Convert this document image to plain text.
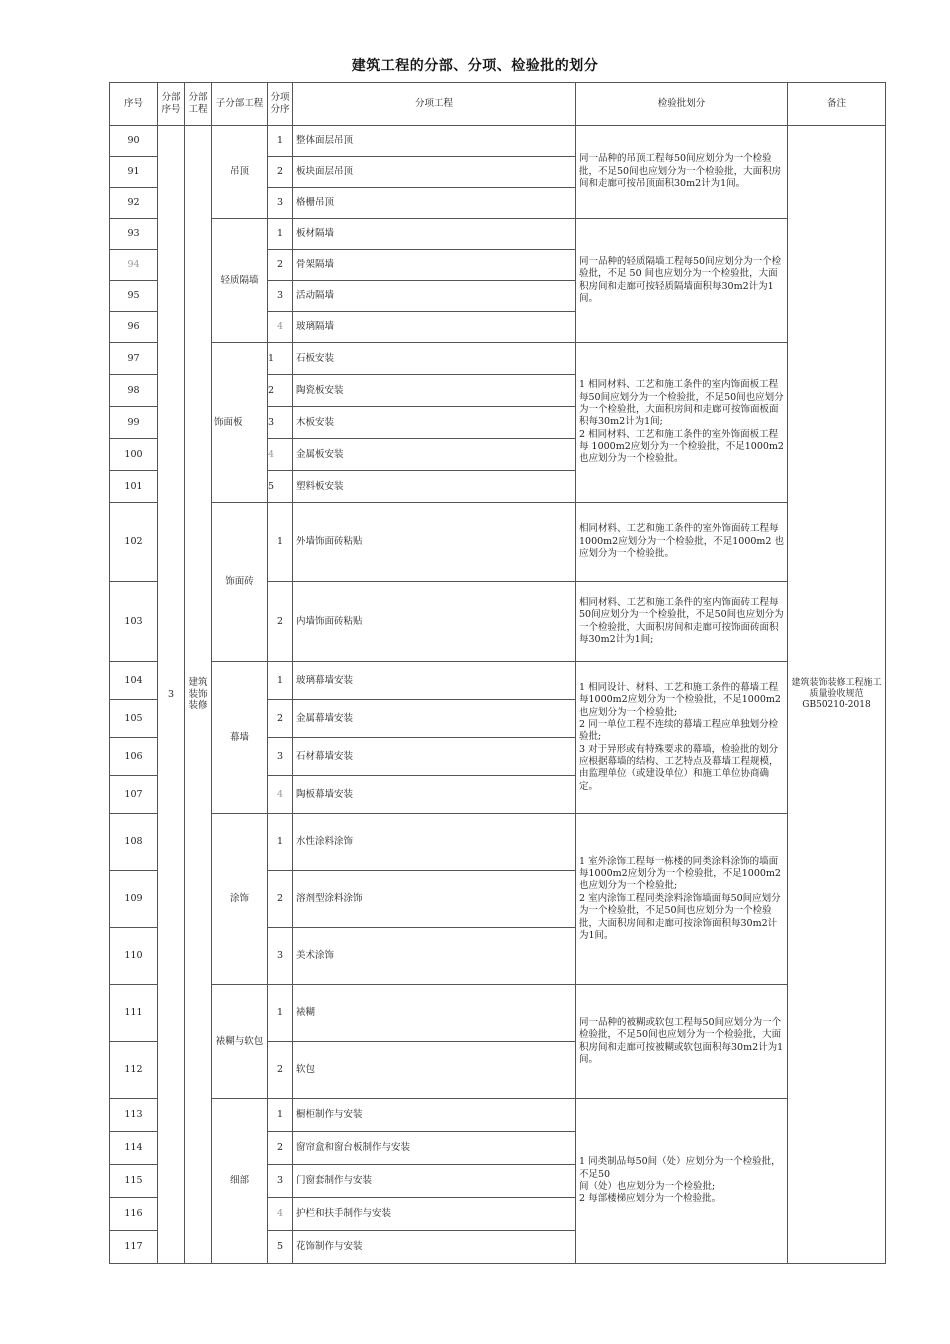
建筑工程的分部、分项、检验批的划分
序号	分部序号	分部工程	子分部工程	分项分序	分项工程	检验批划分	备注
90	3	建筑装饰装修	吊顶	1	整体面层吊顶	同一品种的吊顶工程每50间应划分为一个检验批，不足50间也应划分为一个检验批，大面积房间和走廊可按吊顶面积30m2计为1间。	建筑装饰装修工程施工质量验收规范GB50210-2018
91				2	板块面层吊顶		
92				3	格栅吊顶		
93			轻质隔墙	1	板材隔墙	同一品种的轻质隔墙工程每50间应划分为一个检验批，不足 50 间也应划分为一个检验批，大面积房间和走廊可按轻质隔墙面积每30m2计为1间。	
94				2	骨架隔墙		
95				3	活动隔墙		
96				4	玻璃隔墙		
97			饰面板	1	石板安装	1 相同材料、工艺和施工条件的室内饰面板工程每50间应划分为一个检验批，不足50间也应划分为一个检验批，大面积房间和走廊可按饰面板面积每30m2计为1间;
2 相同材料、工艺和施工条件的室外饰面板工程每 1000m2应划分为一个检验批，不足1000m2也应划分为一个检验批。	
98				2	陶瓷板安装		
99				3	木板安装		
100				4	金属板安装		
101				5	塑料板安装		
102			饰面砖	1	外墙饰面砖粘贴	相同材料、工艺和施工条件的室外饰面砖工程每1000m2应划分为一个检验批，不足1000m2 也应划分为一个检验批。	
103				2	内墙饰面砖粘贴	相同材料、工艺和施工条件的室内饰面砖工程每50间应划分为一个检验批，不足50间也应划分为一个检验批，大面积房间和走廊可按饰面砖面积每30m2计为1间;	
104			幕墙	1	玻璃幕墙安装	1 相同设计、材料、工艺和施工条件的幕墙工程每1000m2应划分为一个检验批，不足1000m2也应划分为一个检验批;
2 同一单位工程不连续的幕墙工程应单独划分检验批;
3 对于异形或有特殊要求的幕墙，检验批的划分应根据幕墙的结构、工艺特点及幕墙工程规模，由监理单位（或建设单位）和施工单位协商确定。	
105				2	金属幕墙安装		
106				3	石材幕墙安装		
107				4	陶板幕墙安装		
108			涂饰	1	水性涂料涂饰	1 室外涂饰工程每一栋楼的同类涂料涂饰的墙面每1000m2应划分为一个检验批，不足1000m2也应划分为一个检验批;
2 室内涂饰工程同类涂料涂饰墙面每50间应划分为一个检验批，不足50间也应划分为一个检验批，大面积房间和走廊可按涂饰面积每30m2计为1间。	
109				2	溶剂型涂料涂饰		
110				3	美术涂饰		
111			裱糊与软包	1	裱糊	同一品种的被糊或软包工程每50间应划分为一个检验批，不足50间也应划分为一个检验批，大面积房间和走廊可按被糊或软包面积每30m2计为1间。	
112				2	软包		
113			细部	1	橱柜制作与安装	1 同类制品每50间（处）应划分为一个检验批，不足50
间（处）也应划分为一个检验批;
2 每部楼梯应划分为一个检验批。	
114				2	窗帘盒和窗台板制作与安装		
115				3	门窗套制作与安装		
116				4	护栏和扶手制作与安装		
117				5	花饰制作与安装		
